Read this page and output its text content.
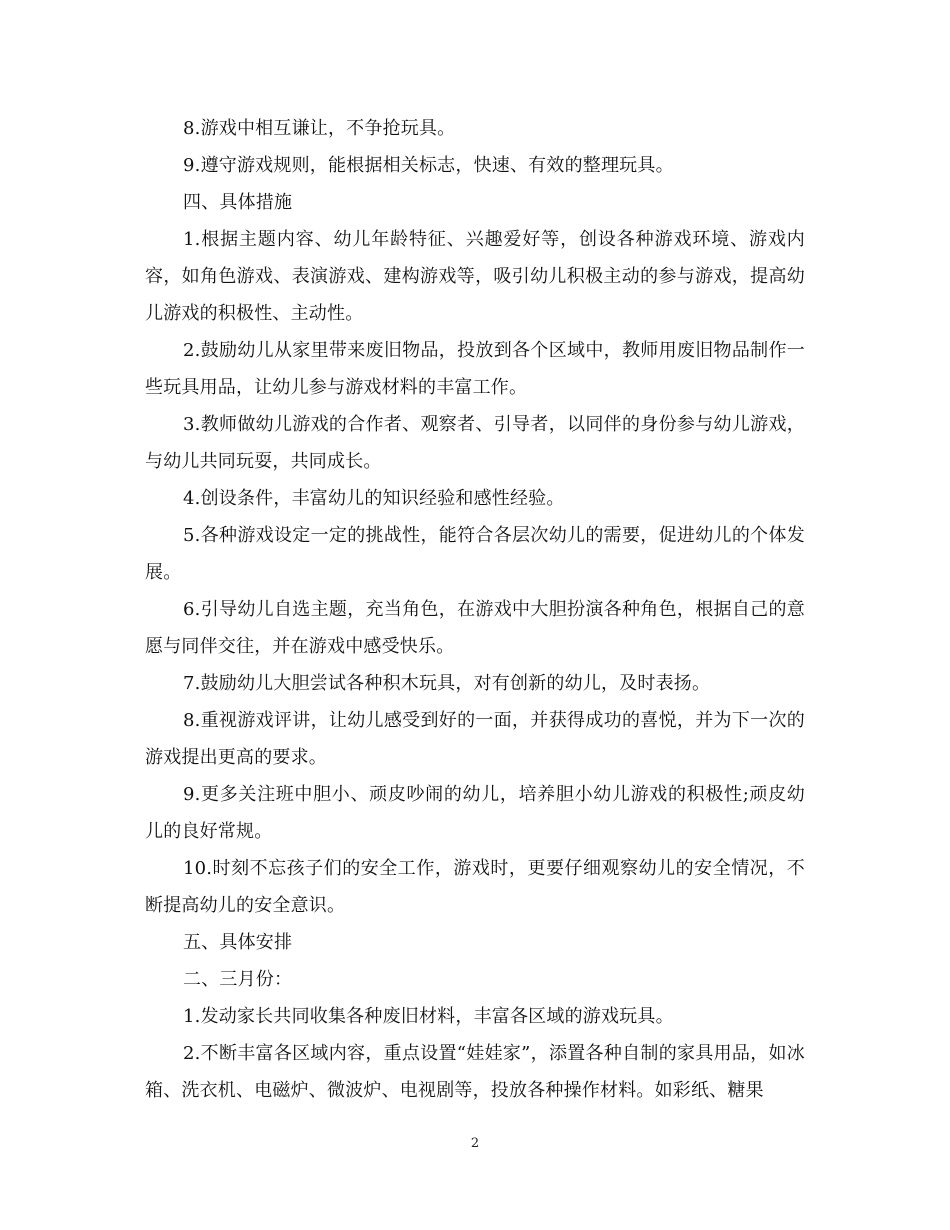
8.游戏中相互谦让，不争抢玩具。

9.遵守游戏规则，能根据相关标志，快速、有效的整理玩具。

四、具体措施

1.根据主题内容、幼儿年龄特征、兴趣爱好等，创设各种游戏环境、游戏内容，如角色游戏、表演游戏、建构游戏等，吸引幼儿积极主动的参与游戏，提高幼儿游戏的积极性、主动性。

2.鼓励幼儿从家里带来废旧物品，投放到各个区域中，教师用废旧物品制作一些玩具用品，让幼儿参与游戏材料的丰富工作。

3.教师做幼儿游戏的合作者、观察者、引导者，以同伴的身份参与幼儿游戏，与幼儿共同玩耍，共同成长。

4.创设条件，丰富幼儿的知识经验和感性经验。

5.各种游戏设定一定的挑战性，能符合各层次幼儿的需要，促进幼儿的个体发展。

6.引导幼儿自选主题，充当角色，在游戏中大胆扮演各种角色，根据自己的意愿与同伴交往，并在游戏中感受快乐。

7.鼓励幼儿大胆尝试各种积木玩具，对有创新的幼儿，及时表扬。

8.重视游戏评讲，让幼儿感受到好的一面，并获得成功的喜悦，并为下一次的游戏提出更高的要求。

9.更多关注班中胆小、顽皮吵闹的幼儿，培养胆小幼儿游戏的积极性;顽皮幼儿的良好常规。

10.时刻不忘孩子们的安全工作，游戏时，更要仔细观察幼儿的安全情况，不断提高幼儿的安全意识。

五、具体安排

二、三月份：

1.发动家长共同收集各种废旧材料，丰富各区域的游戏玩具。

2.不断丰富各区域内容，重点设置“娃娃家”，添置各种自制的家具用品，如冰箱、洗衣机、电磁炉、微波炉、电视剧等，投放各种操作材料。如彩纸、糖果

2
